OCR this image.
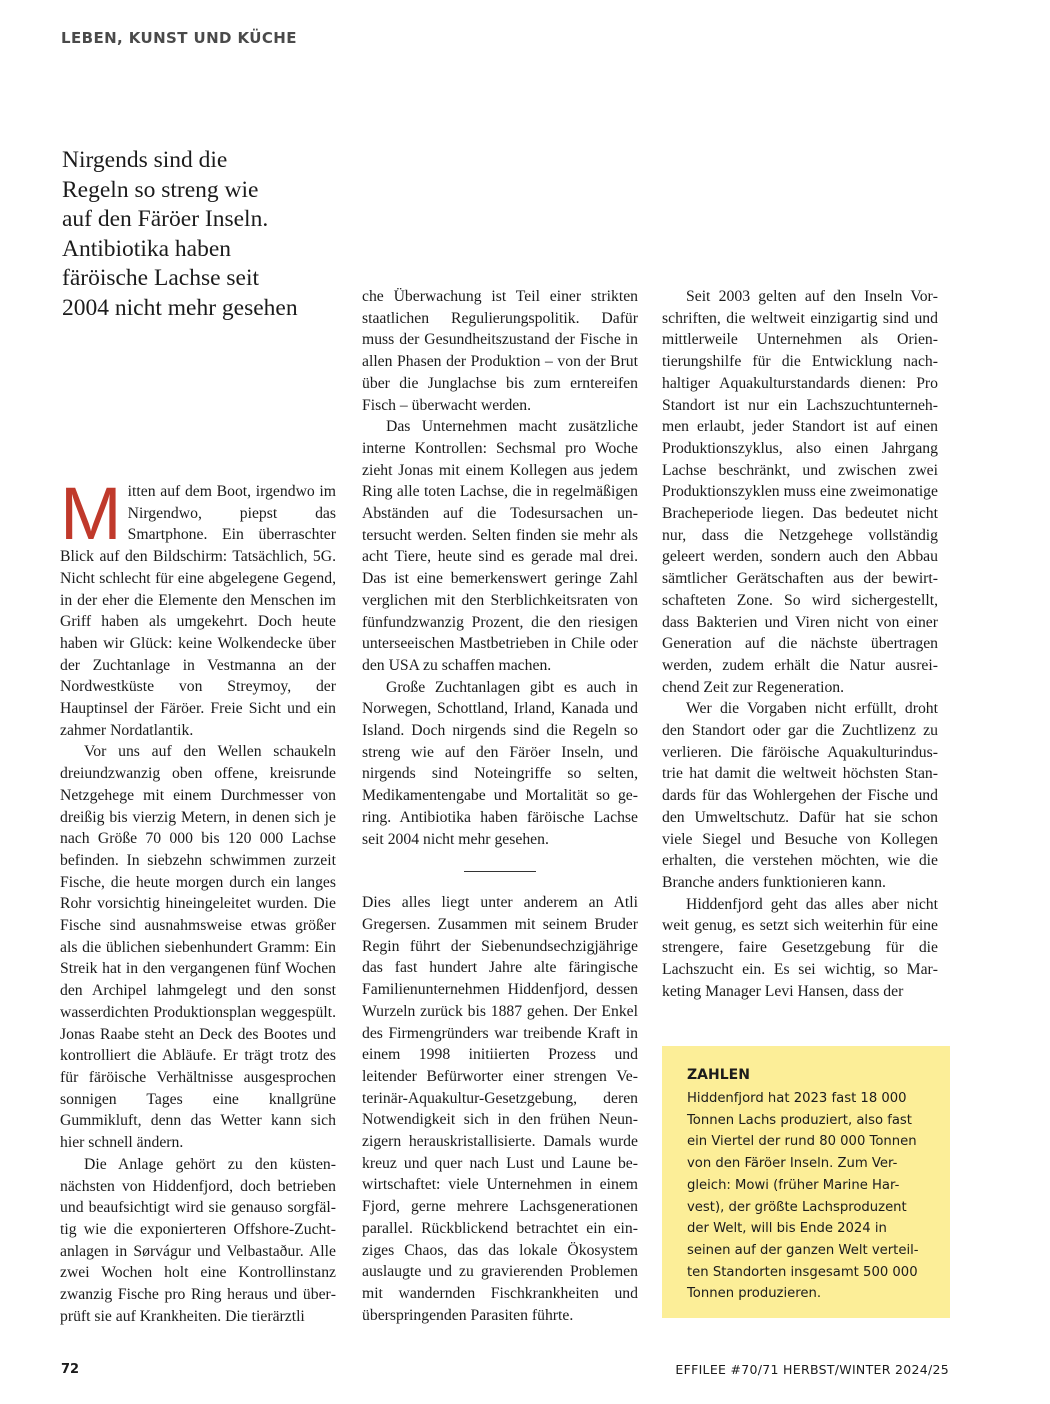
LEBEN, KUNST UND KÜCHE
Nirgends sind die
Regeln so streng wie
auf den Färöer Inseln.
Antibiotika haben
färöische Lachse seit
2004 nicht mehr gesehen

Mitten auf dem Boot, irgendwo im Nirgendwo, piepst das Smartphone. Ein überraschter Blick auf den Bildschirm: Tatsächlich, 5G. Nicht schlecht für eine abgelegene Gegend, in der eher die Elemente den Menschen im Griff haben als umgekehrt. Doch heute haben wir Glück: keine Wolkendecke über der Zuchtanlage in Vestmanna an der Nordwestküste von Streymoy, der Hauptinsel der Färöer. Freie Sicht und ein zahmer Nordatlantik.

Vor uns auf den Wellen schaukeln dreiundzwanzig oben offene, kreisrunde Netzgehege mit einem Durchmesser von dreißig bis vierzig Metern, in denen sich je nach Größe 70 000 bis 120 000 Lachse befinden. In siebzehn schwimmen zurzeit Fische, die heute morgen durch ein langes Rohr vorsichtig hineingeleitet wurden. Die Fische sind ausnahmsweise etwas größer als die üblichen siebenhundert Gramm: Ein Streik hat in den vergangenen fünf Wochen den Archipel lahmgelegt und den sonst wasserdichten Produktionsplan weggespült. Jonas Raabe steht an Deck des Bootes und kontrolliert die Abläufe. Er trägt trotz des für färöische Verhältnisse ausgesprochen sonnigen Tages eine knallgrüne Gummikluft, denn das Wetter kann sich hier schnell ändern.

Die Anlage gehört zu den küstennächsten von Hiddenfjord, doch betrieben und beaufsichtigt wird sie genauso sorgfältig wie die exponierteren Offshore-Zuchtanlagen in Sørvágur und Velbastaður. Alle zwei Wochen holt eine Kontrollinstanz zwanzig Fische pro Ring heraus und überprüft sie auf Krankheiten. Die tierärztli

che Überwachung ist Teil einer strikten staatlichen Regulierungspolitik. Dafür muss der Gesundheitszustand der Fische in allen Phasen der Produktion – von der Brut über die Junglachse bis zum erntereifen Fisch – überwacht werden.

Das Unternehmen macht zusätzliche interne Kontrollen: Sechsmal pro Woche zieht Jonas mit einem Kollegen aus jedem Ring alle toten Lachse, die in regelmäßigen Abständen auf die Todesursachen untersucht werden. Selten finden sie mehr als acht Tiere, heute sind es gerade mal drei. Das ist eine bemerkenswert geringe Zahl verglichen mit den Sterblichkeitsraten von fünfundzwanzig Prozent, die den riesigen unterseeischen Mastbetrieben in Chile oder den USA zu schaffen machen.

Große Zuchtanlagen gibt es auch in Norwegen, Schottland, Irland, Kanada und Island. Doch nirgends sind die Regeln so streng wie auf den Färöer Inseln, und nirgends sind Noteingriffe so selten, Medikamentengabe und Mortalität so gering. Antibiotika haben färöische Lachse seit 2004 nicht mehr gesehen.

Dies alles liegt unter anderem an Atli Gregersen. Zusammen mit seinem Bruder Regin führt der Siebenundsechzigjährige das fast hundert Jahre alte färingische Familienunternehmen Hiddenfjord, dessen Wurzeln zurück bis 1887 gehen. Der Enkel des Firmengründers war treibende Kraft in einem 1998 initiierten Prozess und leitender Befürworter einer strengen Veterinär-Aquakultur-Gesetzgebung, deren Notwendigkeit sich in den frühen Neunzigern herauskristallisierte. Damals wurde kreuz und quer nach Lust und Laune bewirtschaftet: viele Unternehmen in einem Fjord, gerne mehrere Lachsgenerationen parallel. Rückblickend betrachtet ein einziges Chaos, das das lokale Ökosystem auslaugte und zu gravierenden Problemen mit wandernden Fischkrankheiten und überspringenden Parasiten führte.

Seit 2003 gelten auf den Inseln Vorschriften, die weltweit einzigartig sind und mittlerweile Unternehmen als Orientierungshilfe für die Entwicklung nachhaltiger Aquakulturstandards dienen: Pro Standort ist nur ein Lachszuchtunternehmen erlaubt, jeder Standort ist auf einen Produktionszyklus, also einen Jahrgang Lachse beschränkt, und zwischen zwei Produktionszyklen muss eine zweimonatige Bracheperiode liegen. Das bedeutet nicht nur, dass die Netzgehege vollständig geleert werden, sondern auch den Abbau sämtlicher Gerätschaften aus der bewirtschafteten Zone. So wird sichergestellt, dass Bakterien und Viren nicht von einer Generation auf die nächste übertragen werden, zudem erhält die Natur ausreichend Zeit zur Regeneration.

Wer die Vorgaben nicht erfüllt, droht den Standort oder gar die Zuchtlizenz zu verlieren. Die färöische Aquakulturindustrie hat damit die weltweit höchsten Standards für das Wohlergehen der Fische und den Umweltschutz. Dafür hat sie schon viele Siegel und Besuche von Kollegen erhalten, die verstehen möchten, wie die Branche anders funktionieren kann.

Hiddenfjord geht das alles aber nicht weit genug, es setzt sich weiterhin für eine strengere, faire Gesetzgebung für die Lachszucht ein. Es sei wichtig, so Marketing Manager Levi Hansen, dass der

ZAHLEN
Hiddenfjord hat 2023 fast 18 000
Tonnen Lachs produziert, also fast
ein Viertel der rund 80 000 Tonnen
von den Färöer Inseln. Zum Ver-
gleich: Mowi (früher Marine Har-
vest), der größte Lachsproduzent
der Welt, will bis Ende 2024 in
seinen auf der ganzen Welt verteil-
ten Standorten insgesamt 500 000
Tonnen produzieren.
72	EFFILEE #70/71 HERBST/WINTER 2024/25
